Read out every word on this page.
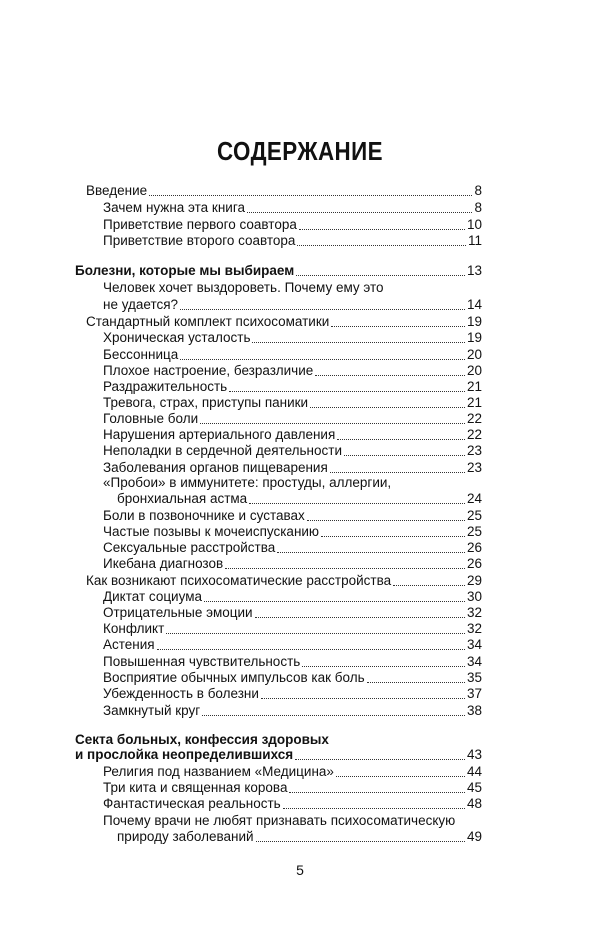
СОДЕРЖАНИЕ
Введение	8
Зачем нужна эта книга	8
Приветствие первого соавтора	10
Приветствие второго соавтора	11
Болезни, которые мы выбираем	13
Человек хочет выздороветь. Почему ему это
не удается?	14
Стандартный комплект психосоматики	19
Хроническая усталость	19
Бессонница	20
Плохое настроение, безразличие	20
Раздражительность	21
Тревога, страх, приступы паники	21
Головные боли	22
Нарушения артериального давления	22
Неполадки в сердечной деятельности	23
Заболевания органов пищеварения	23
«Пробои» в иммунитете: простуды, аллергии,
бронхиальная астма	24
Боли в позвоночнике и суставах	25
Частые позывы к мочеиспусканию	25
Сексуальные расстройства	26
Икебана диагнозов	26
Как возникают психосоматические расстройства	29
Диктат социума	30
Отрицательные эмоции	32
Конфликт	32
Астения	34
Повышенная чувствительность	34
Восприятие обычных импульсов как боль	35
Убежденность в болезни	37
Замкнутый круг	38
Секта больных, конфессия здоровых
и прослойка неопределившихся	43
Религия под названием «Медицина»	44
Три кита и священная корова	45
Фантастическая реальность	48
Почему врачи не любят признавать психосоматическую
природу заболеваний	49
5
